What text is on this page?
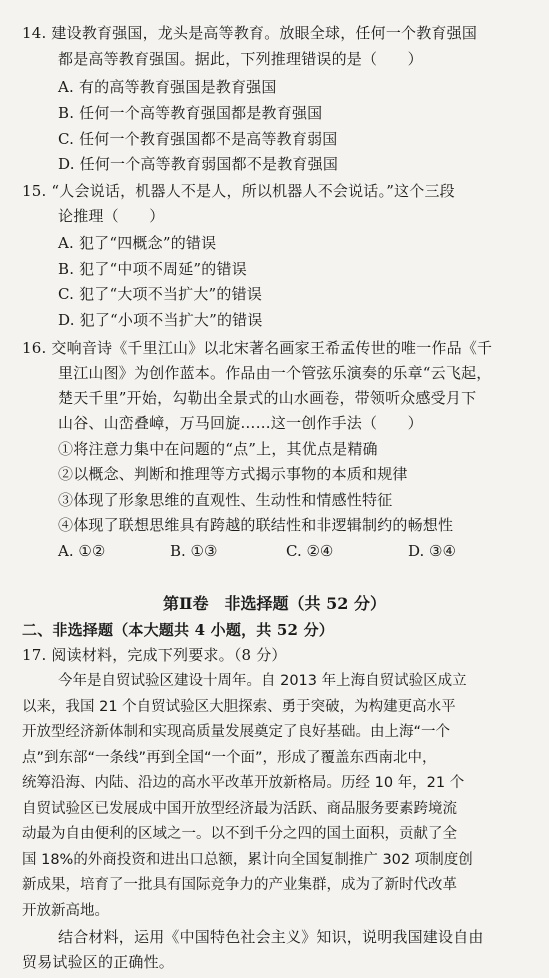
14. 建设教育强国，龙头是高等教育。放眼全球，任何一个教育强国
都是高等教育强国。据此，下列推理错误的是（　　）
A. 有的高等教育强国是教育强国
B. 任何一个高等教育强国都是教育强国
C. 任何一个教育强国都不是高等教育弱国
D. 任何一个高等教育弱国都不是教育强国
15. “人会说话，机器人不是人，所以机器人不会说话。”这个三段
论推理（　　）
A. 犯了“四概念”的错误
B. 犯了“中项不周延”的错误
C. 犯了“大项不当扩大”的错误
D. 犯了“小项不当扩大”的错误
16. 交响音诗《千里江山》以北宋著名画家王希孟传世的唯一作品《千
里江山图》为创作蓝本。作品由一个管弦乐演奏的乐章“云飞起，
楚天千里”开始，勾勒出全景式的山水画卷，带领听众感受月下
山谷、山峦叠嶂，万马回旋……这一创作手法（　　）
①将注意力集中在问题的“点”上，其优点是精确
②以概念、判断和推理等方式揭示事物的本质和规律
③体现了形象思维的直观性、生动性和情感性特征
④体现了联想思维具有跨越的联结性和非逻辑制约的畅想性
A. ①②	B. ①③	C. ②④	D. ③④
第Ⅱ卷　非选择题（共 52 分）
二、非选择题（本大题共 4 小题，共 52 分）
17. 阅读材料，完成下列要求。（8 分）
今年是自贸试验区建设十周年。自 2013 年上海自贸试验区成立
以来，我国 21 个自贸试验区大胆探索、勇于突破，为构建更高水平
开放型经济新体制和实现高质量发展奠定了良好基础。由上海“一个
点”到东部“一条线”再到全国“一个面”，形成了覆盖东西南北中，
统筹沿海、内陆、沿边的高水平改革开放新格局。历经 10 年，21 个
自贸试验区已发展成中国开放型经济最为活跃、商品服务要素跨境流
动最为自由便利的区域之一。以不到千分之四的国土面积，贡献了全
国 18%的外商投资和进出口总额，累计向全国复制推广 302 项制度创
新成果，培育了一批具有国际竞争力的产业集群，成为了新时代改革
开放新高地。
结合材料，运用《中国特色社会主义》知识，说明我国建设自由
贸易试验区的正确性。
